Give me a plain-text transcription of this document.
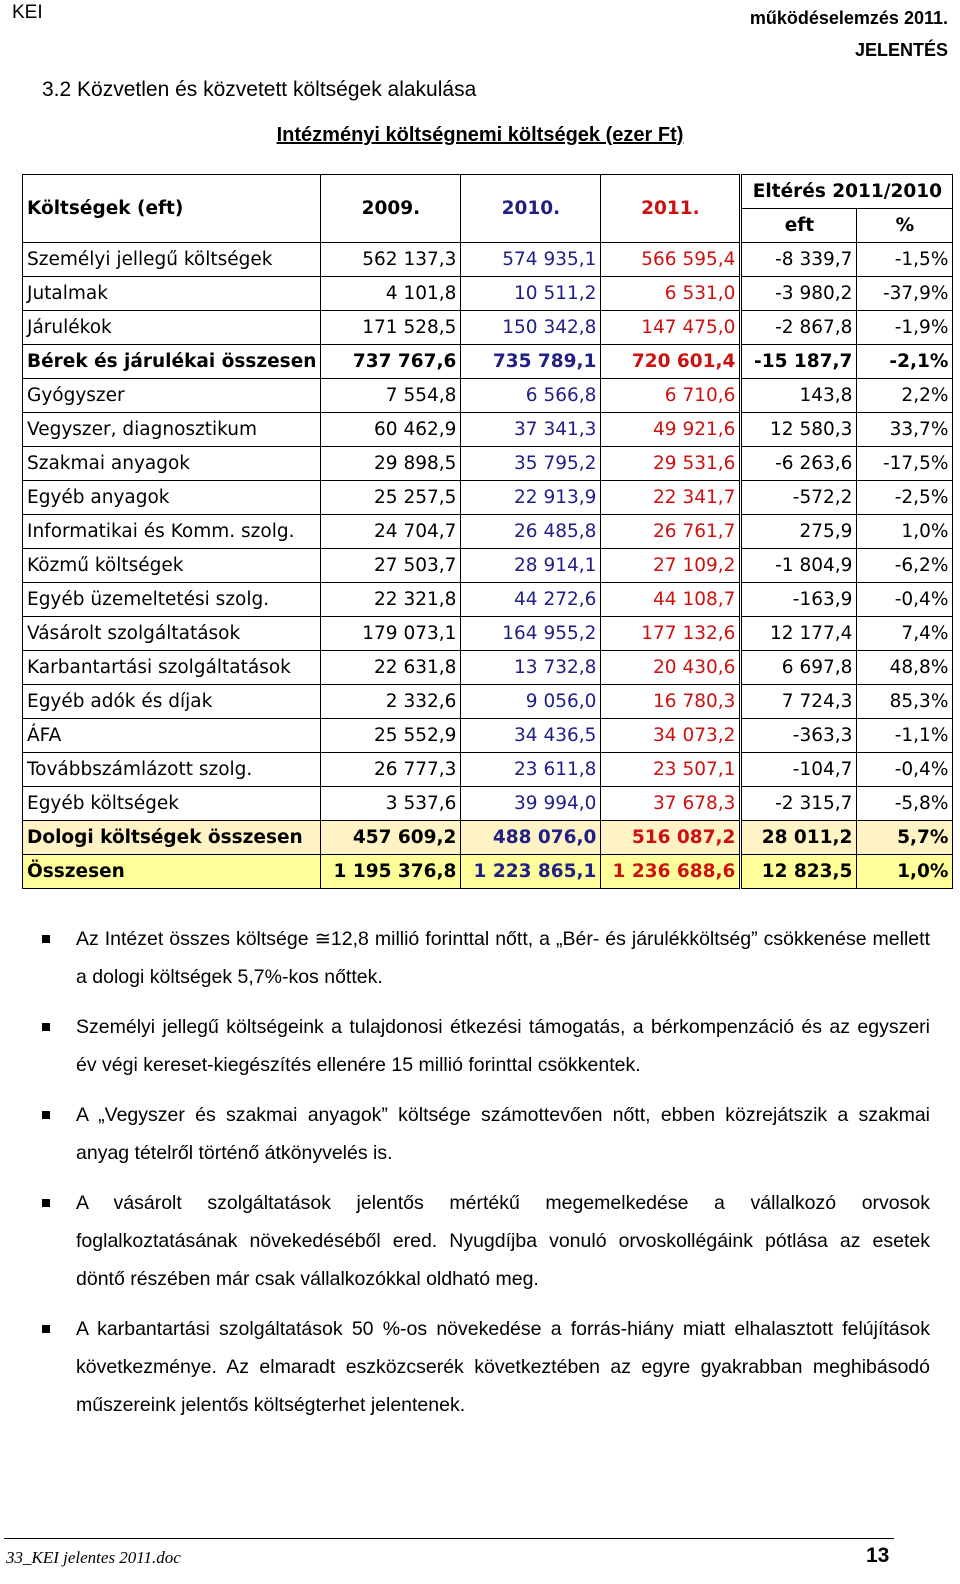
KEI	működéselemzés 2011.
JELENTÉS
3.2 Közvetlen és közvetett költségek alakulása
Intézményi költségnemi költségek (ezer Ft)
Költségek (eft)	2009.	2010.	2011.	Eltérés 2011/2010	
				eft	%
Személyi jellegű költségek	562 137,3	574 935,1	566 595,4	-8 339,7	-1,5%
Jutalmak	4 101,8	10 511,2	6 531,0	-3 980,2	-37,9%
Járulékok	171 528,5	150 342,8	147 475,0	-2 867,8	-1,9%
Bérek és járulékai összesen	737 767,6	735 789,1	720 601,4	-15 187,7	-2,1%
Gyógyszer	7 554,8	6 566,8	6 710,6	143,8	2,2%
Vegyszer, diagnosztikum	60 462,9	37 341,3	49 921,6	12 580,3	33,7%
Szakmai anyagok	29 898,5	35 795,2	29 531,6	-6 263,6	-17,5%
Egyéb anyagok	25 257,5	22 913,9	22 341,7	-572,2	-2,5%
Informatikai és Komm. szolg.	24 704,7	26 485,8	26 761,7	275,9	1,0%
Közmű költségek	27 503,7	28 914,1	27 109,2	-1 804,9	-6,2%
Egyéb üzemeltetési szolg.	22 321,8	44 272,6	44 108,7	-163,9	-0,4%
Vásárolt szolgáltatások	179 073,1	164 955,2	177 132,6	12 177,4	7,4%
Karbantartási szolgáltatások	22 631,8	13 732,8	20 430,6	6 697,8	48,8%
Egyéb adók és díjak	2 332,6	9 056,0	16 780,3	7 724,3	85,3%
ÁFA	25 552,9	34 436,5	34 073,2	-363,3	-1,1%
Továbbszámlázott szolg.	26 777,3	23 611,8	23 507,1	-104,7	-0,4%
Egyéb költségek	3 537,6	39 994,0	37 678,3	-2 315,7	-5,8%
Dologi költségek összesen	457 609,2	488 076,0	516 087,2	28 011,2	5,7%
Összesen	1 195 376,8	1 223 865,1	1 236 688,6	12 823,5	1,0%
Az Intézet összes költsége ≅12,8 millió forinttal nőtt, a „Bér- és járulékköltség” csökkenése mellett a dologi költségek 5,7%-kos nőttek.
Személyi jellegű költségeink a tulajdonosi étkezési támogatás, a bérkompenzáció és az egyszeri év végi kereset-kiegészítés ellenére 15 millió forinttal csökkentek.
A „Vegyszer és szakmai anyagok” költsége számottevően nőtt, ebben közrejátszik a szakmai anyag tételről történő átkönyvelés is.
A vásárolt szolgáltatások jelentős mértékű megemelkedése a vállalkozó orvosok foglalkoztatásának növekedéséből ered. Nyugdíjba vonuló orvoskollégáink pótlása az esetek döntő részében már csak vállalkozókkal oldható meg.
A karbantartási szolgáltatások 50 %-os növekedése a forrás-hiány miatt elhalasztott felújítások következménye. Az elmaradt eszközcserék következtében az egyre gyakrabban meghibásodó műszereink jelentős költségterhet jelentenek.
33_KEI jelentes 2011.doc	13
